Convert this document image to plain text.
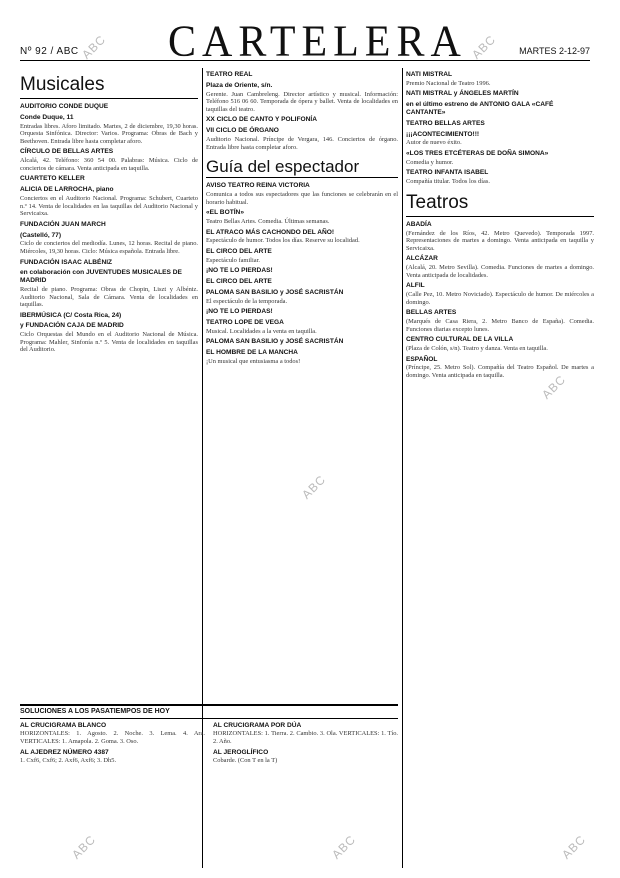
Nº 92 / ABC CARTELERA	MARTES 2-12-97
Musicales
AUDITORIO CONDE DUQUE
Conde Duque, 11
Entradas libres. Aforo limitado. Martes, 2 de diciembre, 19,30 horas. Orquesta Sinfónica. Director: Varios. Programa: Obras de Bach y Beethoven. Entrada libre hasta completar aforo.
CÍRCULO DE BELLAS ARTES
Alcalá, 42. Teléfono: 360 54 00. Palabras: Música. Ciclo de conciertos de cámara. Venta anticipada en taquilla.
CUARTETO KELLER
ALICIA DE LARROCHA, piano
Conciertos en el Auditorio Nacional. Programa: Schubert, Cuarteto n.º 14. Venta de localidades en las taquillas del Auditorio Nacional y Servicaixa.
FUNDACIÓN JUAN MARCH
(Castelló, 77)
Ciclo de conciertos del mediodía. Lunes, 12 horas. Recital de piano. Miércoles, 19,30 horas. Ciclo: Música española. Entrada libre.
FUNDACIÓN ISAAC ALBÉNIZ
en colaboración con JUVENTUDES MUSICALES DE MADRID
Recital de piano. Programa: Obras de Chopin, Liszt y Albéniz. Auditorio Nacional, Sala de Cámara. Venta de localidades en taquillas.
IBERMÚSICA (C/ Costa Rica, 24)
y FUNDACIÓN CAJA DE MADRID
Ciclo Orquestas del Mundo en el Auditorio Nacional de Música. Programa: Mahler, Sinfonía n.º 5. Venta de localidades en taquillas del Auditorio.
TEATRO REAL
Plaza de Oriente, s/n.
Gerente. Juan Cambreleng. Director artístico y musical. Información: Teléfono 516 06 60. Temporada de ópera y ballet. Venta de localidades en taquillas del teatro.
XX CICLO DE CANTO Y POLIFONÍA
VII CICLO DE ÓRGANO
Auditorio Nacional. Príncipe de Vergara, 146. Conciertos de órgano. Entrada libre hasta completar aforo.
Guía del espectador
AVISO TEATRO REINA VICTORIA
Comunica a todos sus espectadores que las funciones se celebrarán en el horario habitual.
«EL BOTÍN»
Teatro Bellas Artes. Comedia. Últimas semanas.
EL ATRACO MÁS CACHONDO DEL AÑO!
Espectáculo de humor. Todos los días. Reserve su localidad.
EL CIRCO DEL ARTE
Espectáculo familiar.
¡NO TE LO PIERDAS!
EL CIRCO DEL ARTE
PALOMA SAN BASILIO y JOSÉ SACRISTÁN
El espectáculo de la temporada.
¡NO TE LO PIERDAS!
TEATRO LOPE DE VEGA
Musical. Localidades a la venta en taquilla.
PALOMA SAN BASILIO y JOSÉ SACRISTÁN
EL HOMBRE DE LA MANCHA
¡Un musical que entusiasma a todos!
NATI MISTRAL
Premio Nacional de Teatro 1996.
NATI MISTRAL y ÁNGELES MARTÍN
en el último estreno de ANTONIO GALA «CAFÉ CANTANTE»
TEATRO BELLAS ARTES
¡¡¡ACONTECIMIENTO!!!
Autor de nuevo éxito.
«LOS TRES ETCÉTERAS DE DOÑA SIMONA»
Comedia y humor.
TEATRO INFANTA ISABEL
Compañía titular. Todos los días.
Teatros
ABADÍA
(Fernández de los Ríos, 42. Metro Quevedo). Temporada 1997. Representaciones de martes a domingo. Venta anticipada en taquilla y Servicaixa.
ALCÁZAR
(Alcalá, 20. Metro Sevilla). Comedia. Funciones de martes a domingo. Venta anticipada de localidades.
ALFIL
(Calle Pez, 10. Metro Noviciado). Espectáculo de humor. De miércoles a domingo.
BELLAS ARTES
(Marqués de Casa Riera, 2. Metro Banco de España). Comedia. Funciones diarias excepto lunes.
CENTRO CULTURAL DE LA VILLA
(Plaza de Colón, s/n). Teatro y danza. Venta en taquilla.
ESPAÑOL
(Príncipe, 25. Metro Sol). Compañía del Teatro Español. De martes a domingo. Venta anticipada en taquilla.
SOLUCIONES A LOS PASATIEMPOS DE HOY
AL CRUCIGRAMA BLANCO
HORIZONTALES: 1. Agosto. 2. Noche. 3. Lema. 4. Ara. VERTICALES: 1. Amapola. 2. Goma. 3. Oso.
AL AJEDREZ NÚMERO 4387
1. Cxf6, Cxf6; 2. Axf6, Axf6; 3. Dh5.
AL CRUCIGRAMA POR DÚA
HORIZONTALES: 1. Tierra. 2. Cambio. 3. Ola. VERTICALES: 1. Tío. 2. Año.
AL JEROGLÍFICO
Cobarde. (Con T en la T)
ABC	ABC
ABC
ABC
ABC	ABC	ABC
